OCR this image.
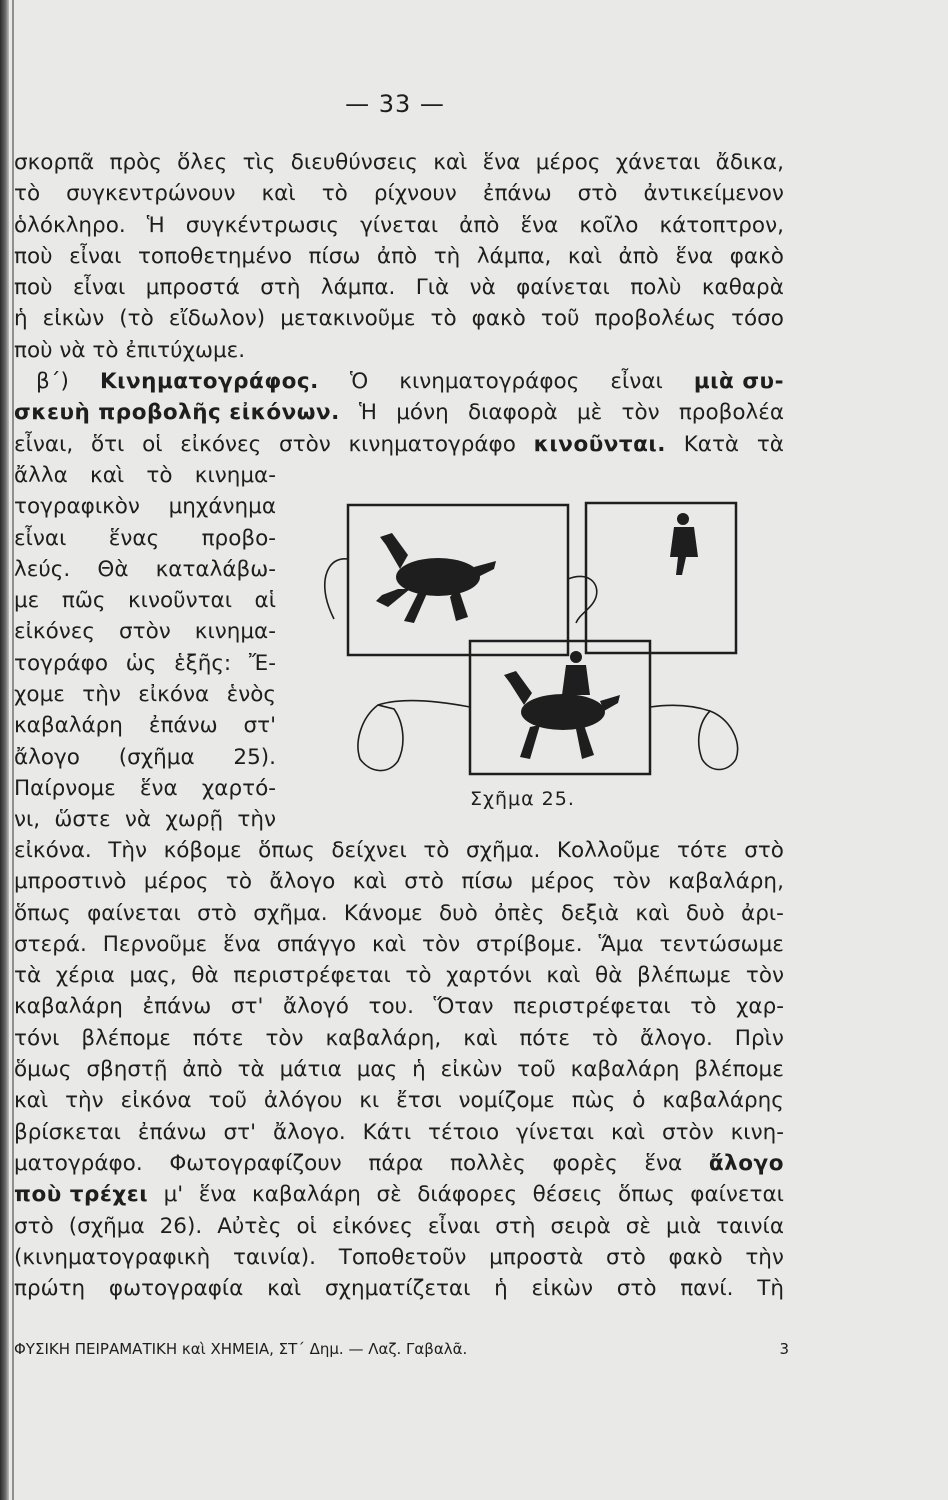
— 33 —
σκορπᾶ πρὸς ὅλες τὶς διευθύνσεις καὶ ἕνα μέρος χάνεται ἄδικα,
τὸ συγκεντρώνουν καὶ τὸ ρίχνουν ἐπάνω στὸ ἀντικείμενον
ὁλόκληρο. Ἡ συγκέντρωσις γίνεται ἀπὸ ἕνα κοῖλο κάτοπτρον,
ποὺ εἶναι τοποθετημένο πίσω ἀπὸ τὴ λάμπα, καὶ ἀπὸ ἕνα φακὸ
ποὺ εἶναι μπροστά στὴ λάμπα. Γιὰ νὰ φαίνεται πολὺ καθαρὰ
ἡ εἰκὼν (τὸ εἴδωλον) μετακινοῦμε τὸ φακὸ τοῦ προβολέως τόσο
ποὺ νὰ τὸ ἐπιτύχωμε.
β΄) Κινηματογράφος. Ὁ κινηματογράφος εἶναι μιὰ συ-
σκευὴ προβολῆς εἰκόνων. Ἡ μόνη διαφορὰ μὲ τὸν προβολέα
εἶναι, ὅτι οἱ εἰκόνες στὸν κινηματογράφο κινοῦνται. Κατὰ τὰ
ἄλλα καὶ τὸ κινημα-
τογραφικὸν μηχάνημα
εἶναι ἕνας προβο-
λεύς. Θὰ καταλάβω-
με πῶς κινοῦνται αἱ
εἰκόνες στὸν κινημα-
τογράφο ὡς ἑξῆς: Ἔ-
χομε τὴν εἰκόνα ἑνὸς
καβαλάρη ἐπάνω στ'
ἄλογο (σχῆμα 25).
Παίρνομε ἕνα χαρτό-
νι, ὥστε νὰ χωρῇ τὴν
Σχῆμα 25.
εἰκόνα. Τὴν κόβομε ὅπως δείχνει τὸ σχῆμα. Κολλοῦμε τότε στὸ
μπροστινὸ μέρος τὸ ἄλογο καὶ στὸ πίσω μέρος τὸν καβαλάρη,
ὅπως φαίνεται στὸ σχῆμα. Κάνομε δυὸ ὀπὲς δεξιὰ καὶ δυὸ ἀρι-
στερά. Περνοῦμε ἕνα σπάγγο καὶ τὸν στρίβομε. Ἅμα τεντώσωμε
τὰ χέρια μας, θὰ περιστρέφεται τὸ χαρτόνι καὶ θὰ βλέπωμε τὸν
καβαλάρη ἐπάνω στ' ἄλογό του. Ὅταν περιστρέφεται τὸ χαρ-
τόνι βλέπομε πότε τὸν καβαλάρη, καὶ πότε τὸ ἄλογο. Πρὶν
ὅμως σβηστῇ ἀπὸ τὰ μάτια μας ἡ εἰκὼν τοῦ καβαλάρη βλέπομε
καὶ τὴν εἰκόνα τοῦ ἀλόγου κι ἔτσι νομίζομε πὼς ὁ καβαλάρης
βρίσκεται ἐπάνω στ' ἄλογο. Κάτι τέτοιο γίνεται καὶ στὸν κινη-
ματογράφο. Φωτογραφίζουν πάρα πολλὲς φορὲς ἕνα ἄλογο
ποὺ τρέχει μ' ἕνα καβαλάρη σὲ διάφορες θέσεις ὅπως φαίνεται
στὸ (σχῆμα 26). Αὐτὲς οἱ εἰκόνες εἶναι στὴ σειρὰ σὲ μιὰ ταινία
(κινηματογραφικὴ ταινία). Τοποθετοῦν μπροστὰ στὸ φακὸ τὴν
πρώτη φωτογραφία καὶ σχηματίζεται ἡ εἰκὼν στὸ πανί. Τὴ
ΦΥΣΙΚΗ ΠΕΙΡΑΜΑΤΙΚΗ καὶ ΧΗΜΕΙΑ, ΣΤ΄ Δημ. — Λαζ. Γαβαλᾶ.	3
